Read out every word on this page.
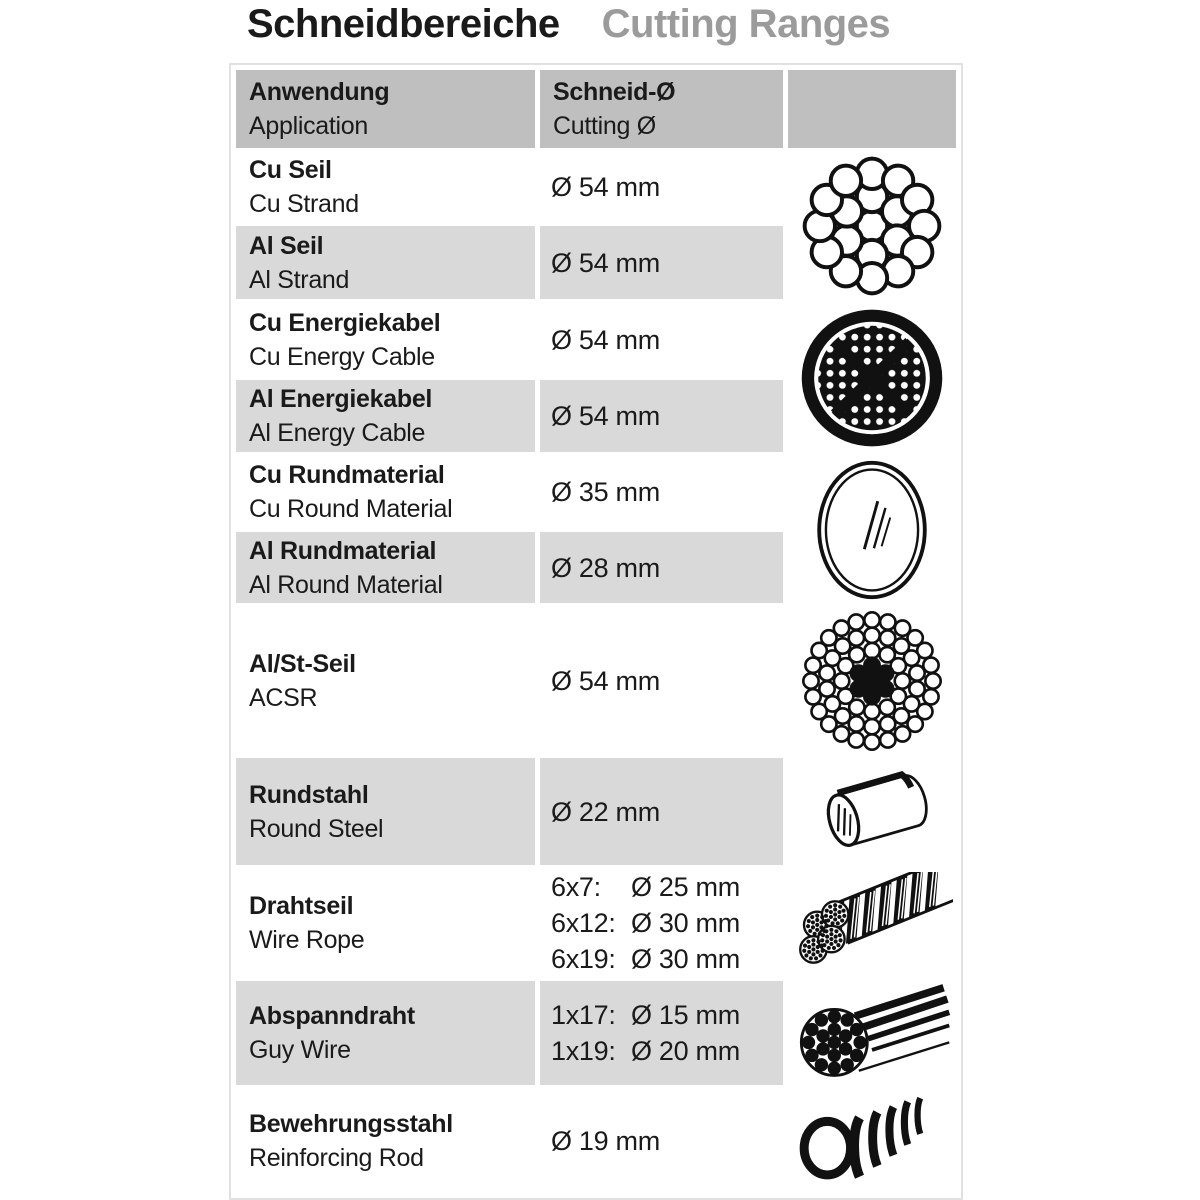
Schneidbereiche Cutting Ranges
Anwendung
Application
Schneid-Ø
Cutting Ø
Cu Seil
Cu Strand
Ø 54 mm
Al Seil
Al Strand
Ø 54 mm
Cu Energiekabel
Cu Energy Cable
Ø 54 mm
Al Energiekabel
Al Energy Cable
Ø 54 mm
Cu Rundmaterial
Cu Round Material
Ø 35 mm
Al Rundmaterial
Al Round Material
Ø 28 mm
Al/St-Seil
ACSR
Ø 54 mm
Rundstahl
Round Steel
Ø 22 mm
Drahtseil
Wire Rope
6x7:	Ø 25 mm
6x12: Ø 30 mm
6x19: Ø 30 mm
Abspanndraht
Guy Wire
1x17: Ø 15 mm
1x19: Ø 20 mm
Bewehrungsstahl
Reinforcing Rod
Ø 19 mm
